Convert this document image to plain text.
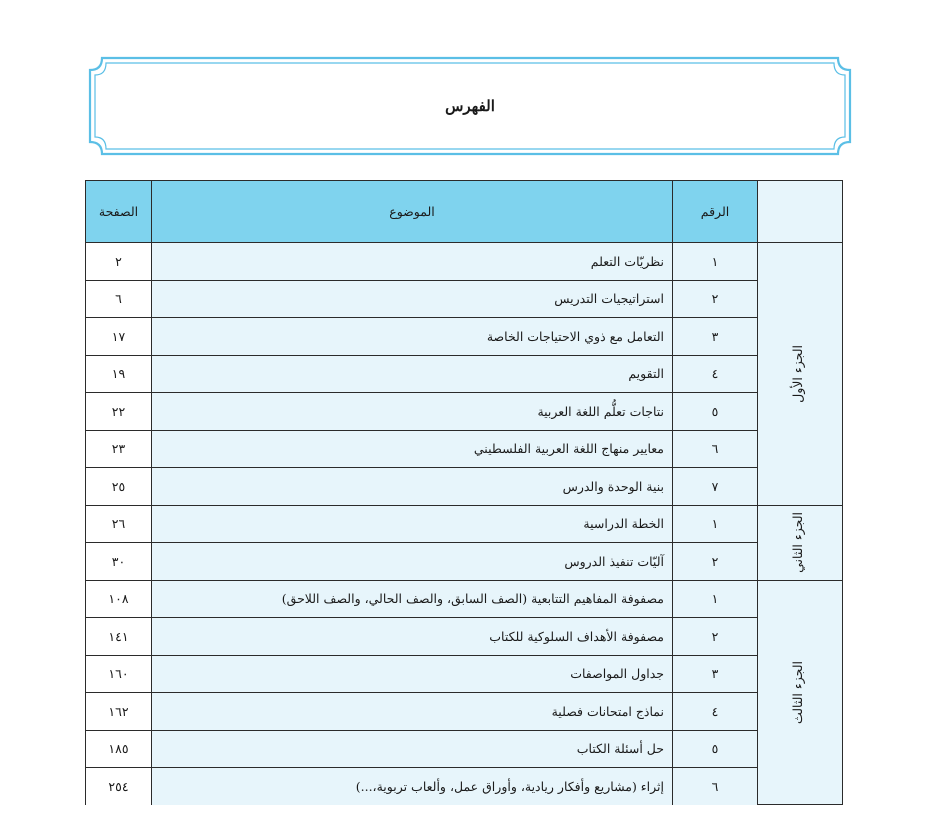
الفهرس
الصفحة	الموضوع	الرقم	
٢	نظريّات التعلم	١	الجزء الأول

٦	استراتيجيات التدريس	٢	
١٧	التعامل مع ذوي الاحتياجات الخاصة	٣	
١٩	التقويم	٤	
٢٢	نتاجات تعلُّم اللغة العربية	٥	
٢٣	معايير منهاج اللغة العربية الفلسطيني	٦	
٢٥	بنية الوحدة والدرس	٧	
٢٦	الخطة الدراسية	١	الجزء الثاني

٣٠	آليّات تنفيذ الدروس	٢	
١٠٨	مصفوفة المفاهيم التتابعية (الصف السابق، والصف الحالي، والصف اللاحق)	١	الجزء الثالث

١٤١	مصفوفة الأهداف السلوكية للكتاب	٢	
١٦٠	جداول المواصفات	٣	
١٦٢	نماذج امتحانات فصلية	٤	
١٨٥	حل أسئلة الكتاب	٥	
٢٥٤	إثراء (مشاريع وأفكار ريادية، وأوراق عمل، وألعاب تربوية،...)	٦	
